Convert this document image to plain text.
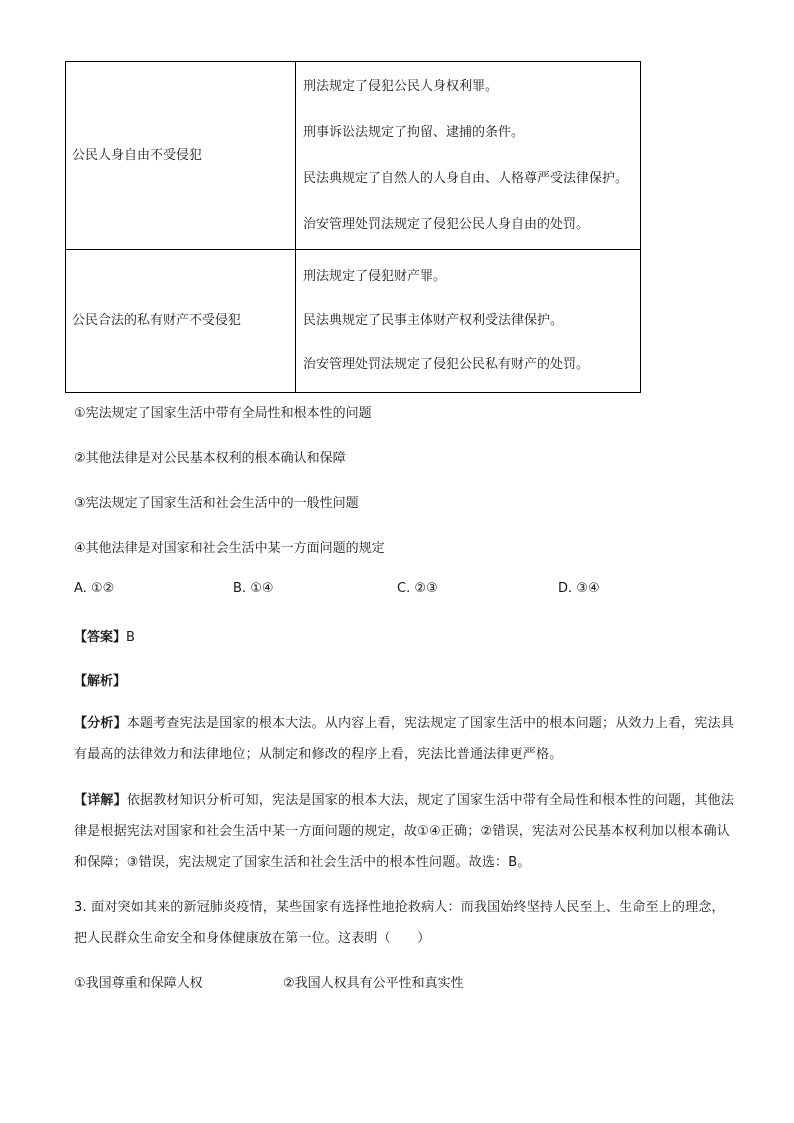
公民人身自由不受侵犯	刑法规定了侵犯公民人身权利罪。
刑事诉讼法规定了拘留、逮捕的条件。
民法典规定了自然人的人身自由、人格尊严受法律保护。
治安管理处罚法规定了侵犯公民人身自由的处罚。

公民合法的私有财产不受侵犯	刑法规定了侵犯财产罪。
民法典规定了民事主体财产权利受法律保护。
治安管理处罚法规定了侵犯公民私有财产的处罚。
①宪法规定了国家生活中带有全局性和根本性的问题
②其他法律是对公民基本权利的根本确认和保障
③宪法规定了国家生活和社会生活中的一般性问题
④其他法律是对国家和社会生活中某一方面问题的规定
A. ①②	B. ①④	C. ②③	D. ③④
【答案】B
【解析】
【分析】本题考查宪法是国家的根本大法。从内容上看，宪法规定了国家生活中的根本问题；从效力上看，宪法具有最高的法律效力和法律地位；从制定和修改的程序上看，宪法比普通法律更严格。
【详解】依据教材知识分析可知，宪法是国家的根本大法，规定了国家生活中带有全局性和根本性的问题，其他法律是根据宪法对国家和社会生活中某一方面问题的规定，故①④正确；②错误，宪法对公民基本权利加以根本确认和保障；③错误，宪法规定了国家生活和社会生活中的根本性问题。故选：B。
3. 面对突如其来的新冠肺炎疫情，某些国家有选择性地抢救病人：而我国始终坚持人民至上、生命至上的理念，把人民群众生命安全和身体健康放在第一位。这表明（　　）
①我国尊重和保障人权	②我国人权具有公平性和真实性
